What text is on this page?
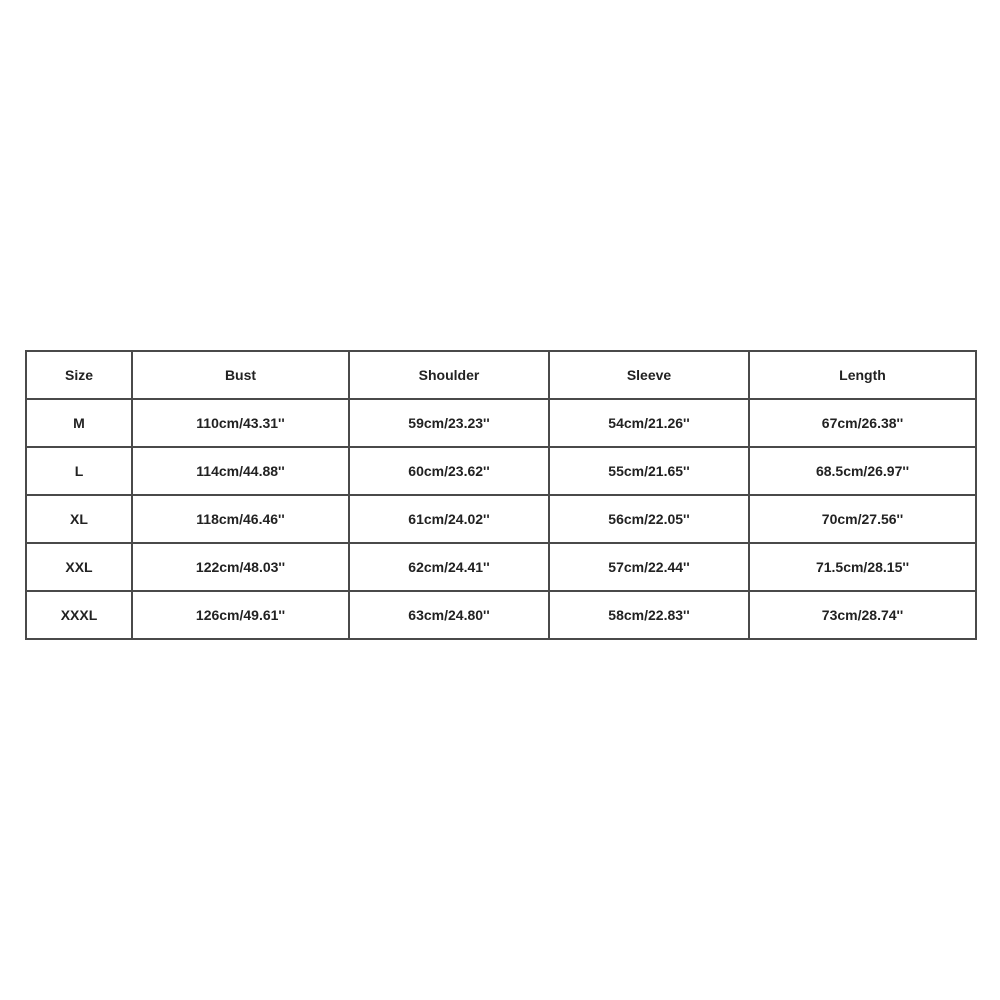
Size	Bust	Shoulder	Sleeve	Length
M	110cm/43.31''	59cm/23.23''	54cm/21.26''	67cm/26.38''
L	114cm/44.88''	60cm/23.62''	55cm/21.65''	68.5cm/26.97''
XL	118cm/46.46''	61cm/24.02''	56cm/22.05''	70cm/27.56''
XXL	122cm/48.03''	62cm/24.41''	57cm/22.44''	71.5cm/28.15''
XXXL	126cm/49.61''	63cm/24.80''	58cm/22.83''	73cm/28.74''
